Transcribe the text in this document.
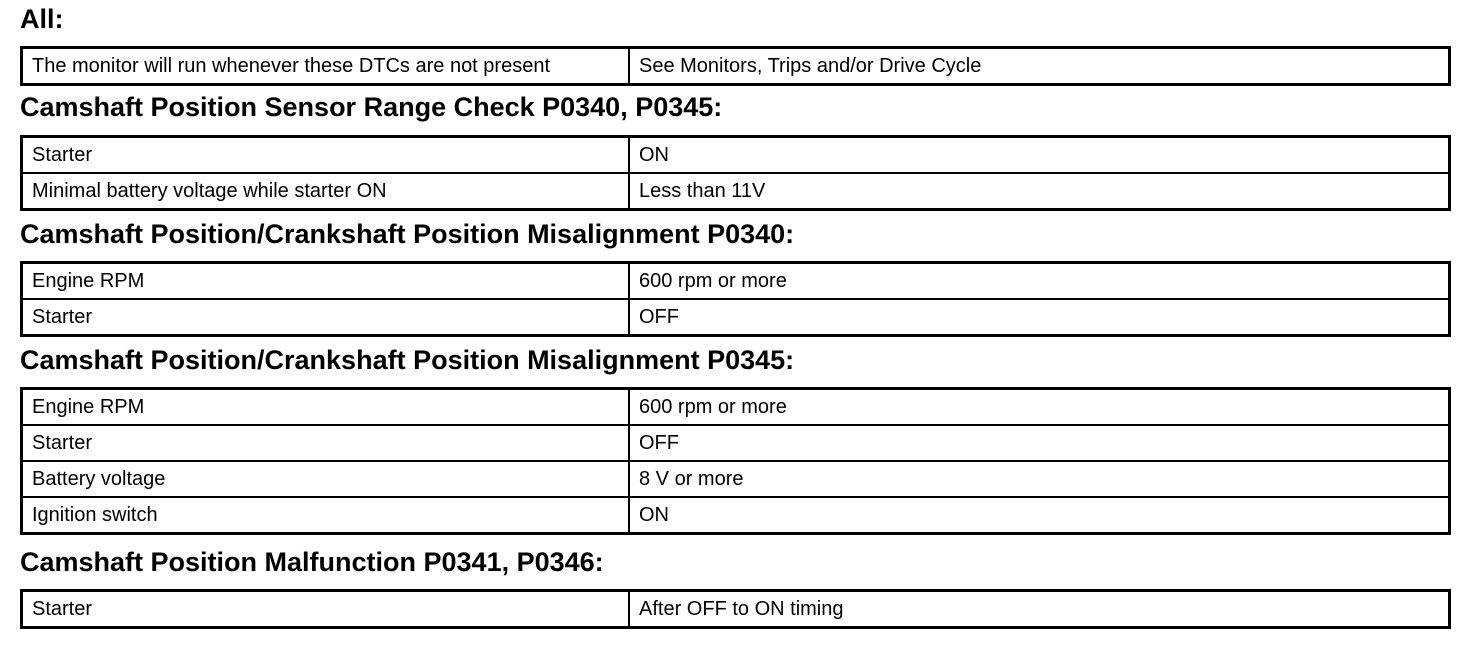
All:
The monitor will run whenever these DTCs are not present	See Monitors, Trips and/or Drive Cycle
Camshaft Position Sensor Range Check P0340, P0345:
Starter	ON
Minimal battery voltage while starter ON	Less than 11V
Camshaft Position/Crankshaft Position Misalignment P0340:
Engine RPM	600 rpm or more
Starter	OFF
Camshaft Position/Crankshaft Position Misalignment P0345:
Engine RPM	600 rpm or more
Starter	OFF
Battery voltage	8 V or more
Ignition switch	ON
Camshaft Position Malfunction P0341, P0346:
Starter	After OFF to ON timing
